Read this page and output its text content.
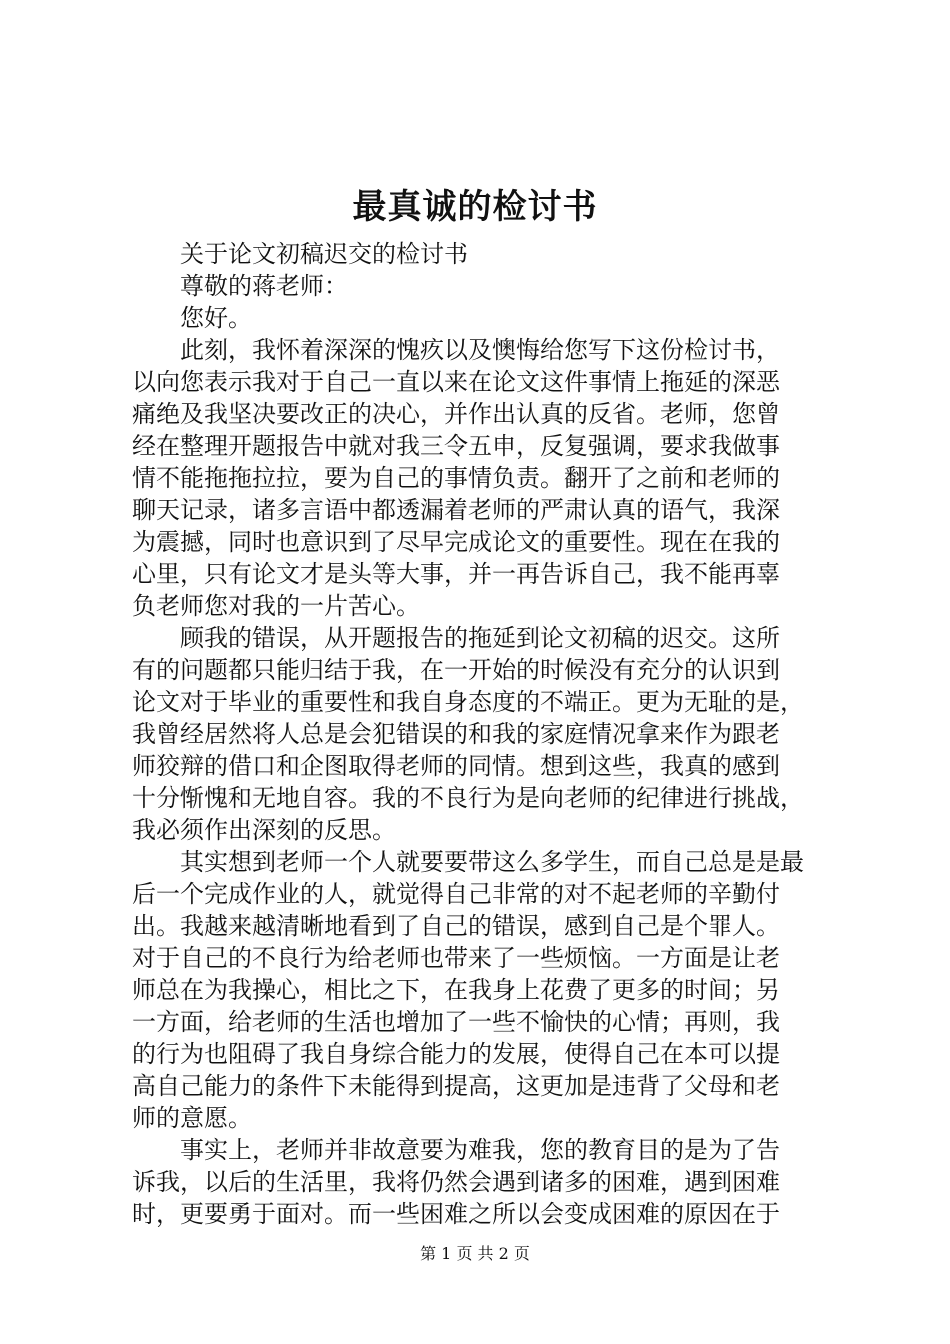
最真诚的检讨书
关于论文初稿迟交的检讨书
尊敬的蒋老师：
您好。
此刻，我怀着深深的愧疚以及懊悔给您写下这份检讨书，
以向您表示我对于自己一直以来在论文这件事情上拖延的深恶
痛绝及我坚决要改正的决心，并作出认真的反省。老师，您曾
经在整理开题报告中就对我三令五申，反复强调，要求我做事
情不能拖拖拉拉，要为自己的事情负责。翻开了之前和老师的
聊天记录，诸多言语中都透漏着老师的严肃认真的语气，我深
为震撼，同时也意识到了尽早完成论文的重要性。现在在我的
心里，只有论文才是头等大事，并一再告诉自己，我不能再辜
负老师您对我的一片苦心。
顾我的错误，从开题报告的拖延到论文初稿的迟交。这所
有的问题都只能归结于我，在一开始的时候没有充分的认识到
论文对于毕业的重要性和我自身态度的不端正。更为无耻的是，
我曾经居然将人总是会犯错误的和我的家庭情况拿来作为跟老
师狡辩的借口和企图取得老师的同情。想到这些，我真的感到
十分惭愧和无地自容。我的不良行为是向老师的纪律进行挑战，
我必须作出深刻的反思。
其实想到老师一个人就要要带这么多学生，而自己总是是最
后一个完成作业的人，就觉得自己非常的对不起老师的辛勤付
出。我越来越清晰地看到了自己的错误，感到自己是个罪人。
对于自己的不良行为给老师也带来了一些烦恼。一方面是让老
师总在为我操心，相比之下，在我身上花费了更多的时间；另
一方面，给老师的生活也增加了一些不愉快的心情；再则，我
的行为也阻碍了我自身综合能力的发展，使得自己在本可以提
高自己能力的条件下未能得到提高，这更加是违背了父母和老
师的意愿。
事实上，老师并非故意要为难我，您的教育目的是为了告
诉我，以后的生活里，我将仍然会遇到诸多的困难，遇到困难
时，更要勇于面对。而一些困难之所以会变成困难的原因在于
第 1 页 共 2 页
